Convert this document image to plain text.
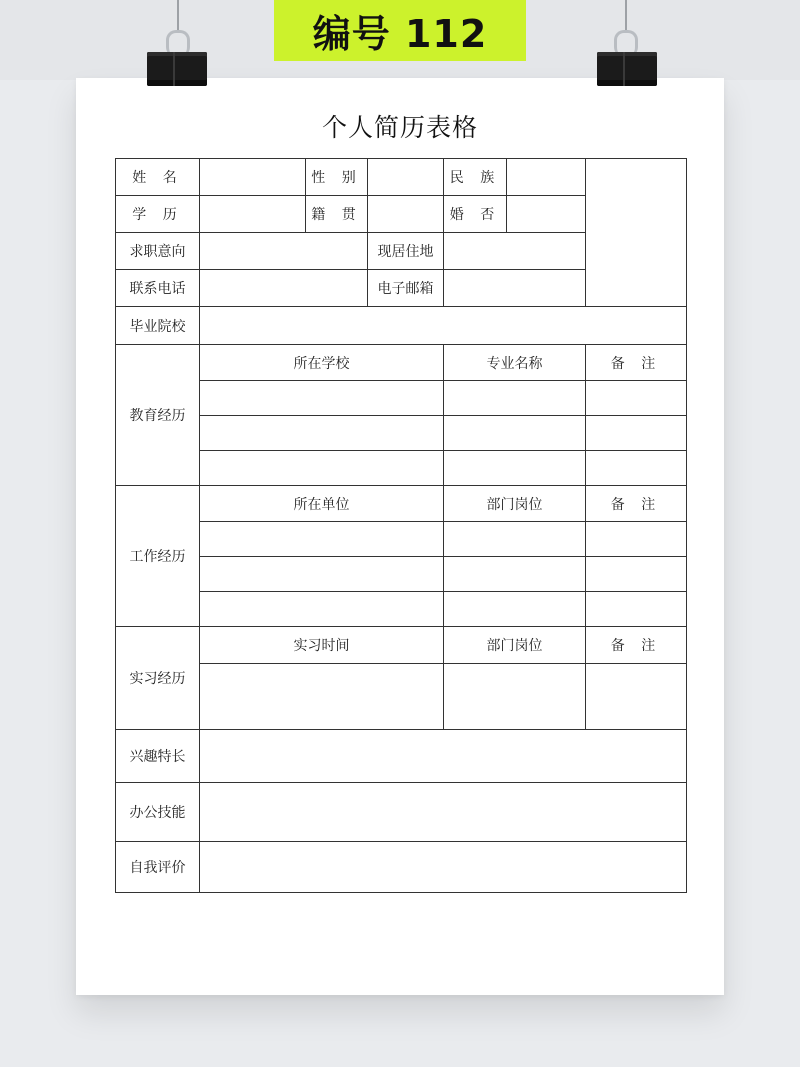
编号 112
个人简历表格
姓 名		性 别		民 族		
学 历		籍 贯		婚 否		
求职意向			现居住地			
联系电话			电子邮箱			
毕业院校						
教育经历	所在学校			专业名称		备 注

工作经历	所在单位			部门岗位		备 注

实习经历	实习时间			部门岗位		备 注

兴趣特长						
办公技能						
自我评价						
